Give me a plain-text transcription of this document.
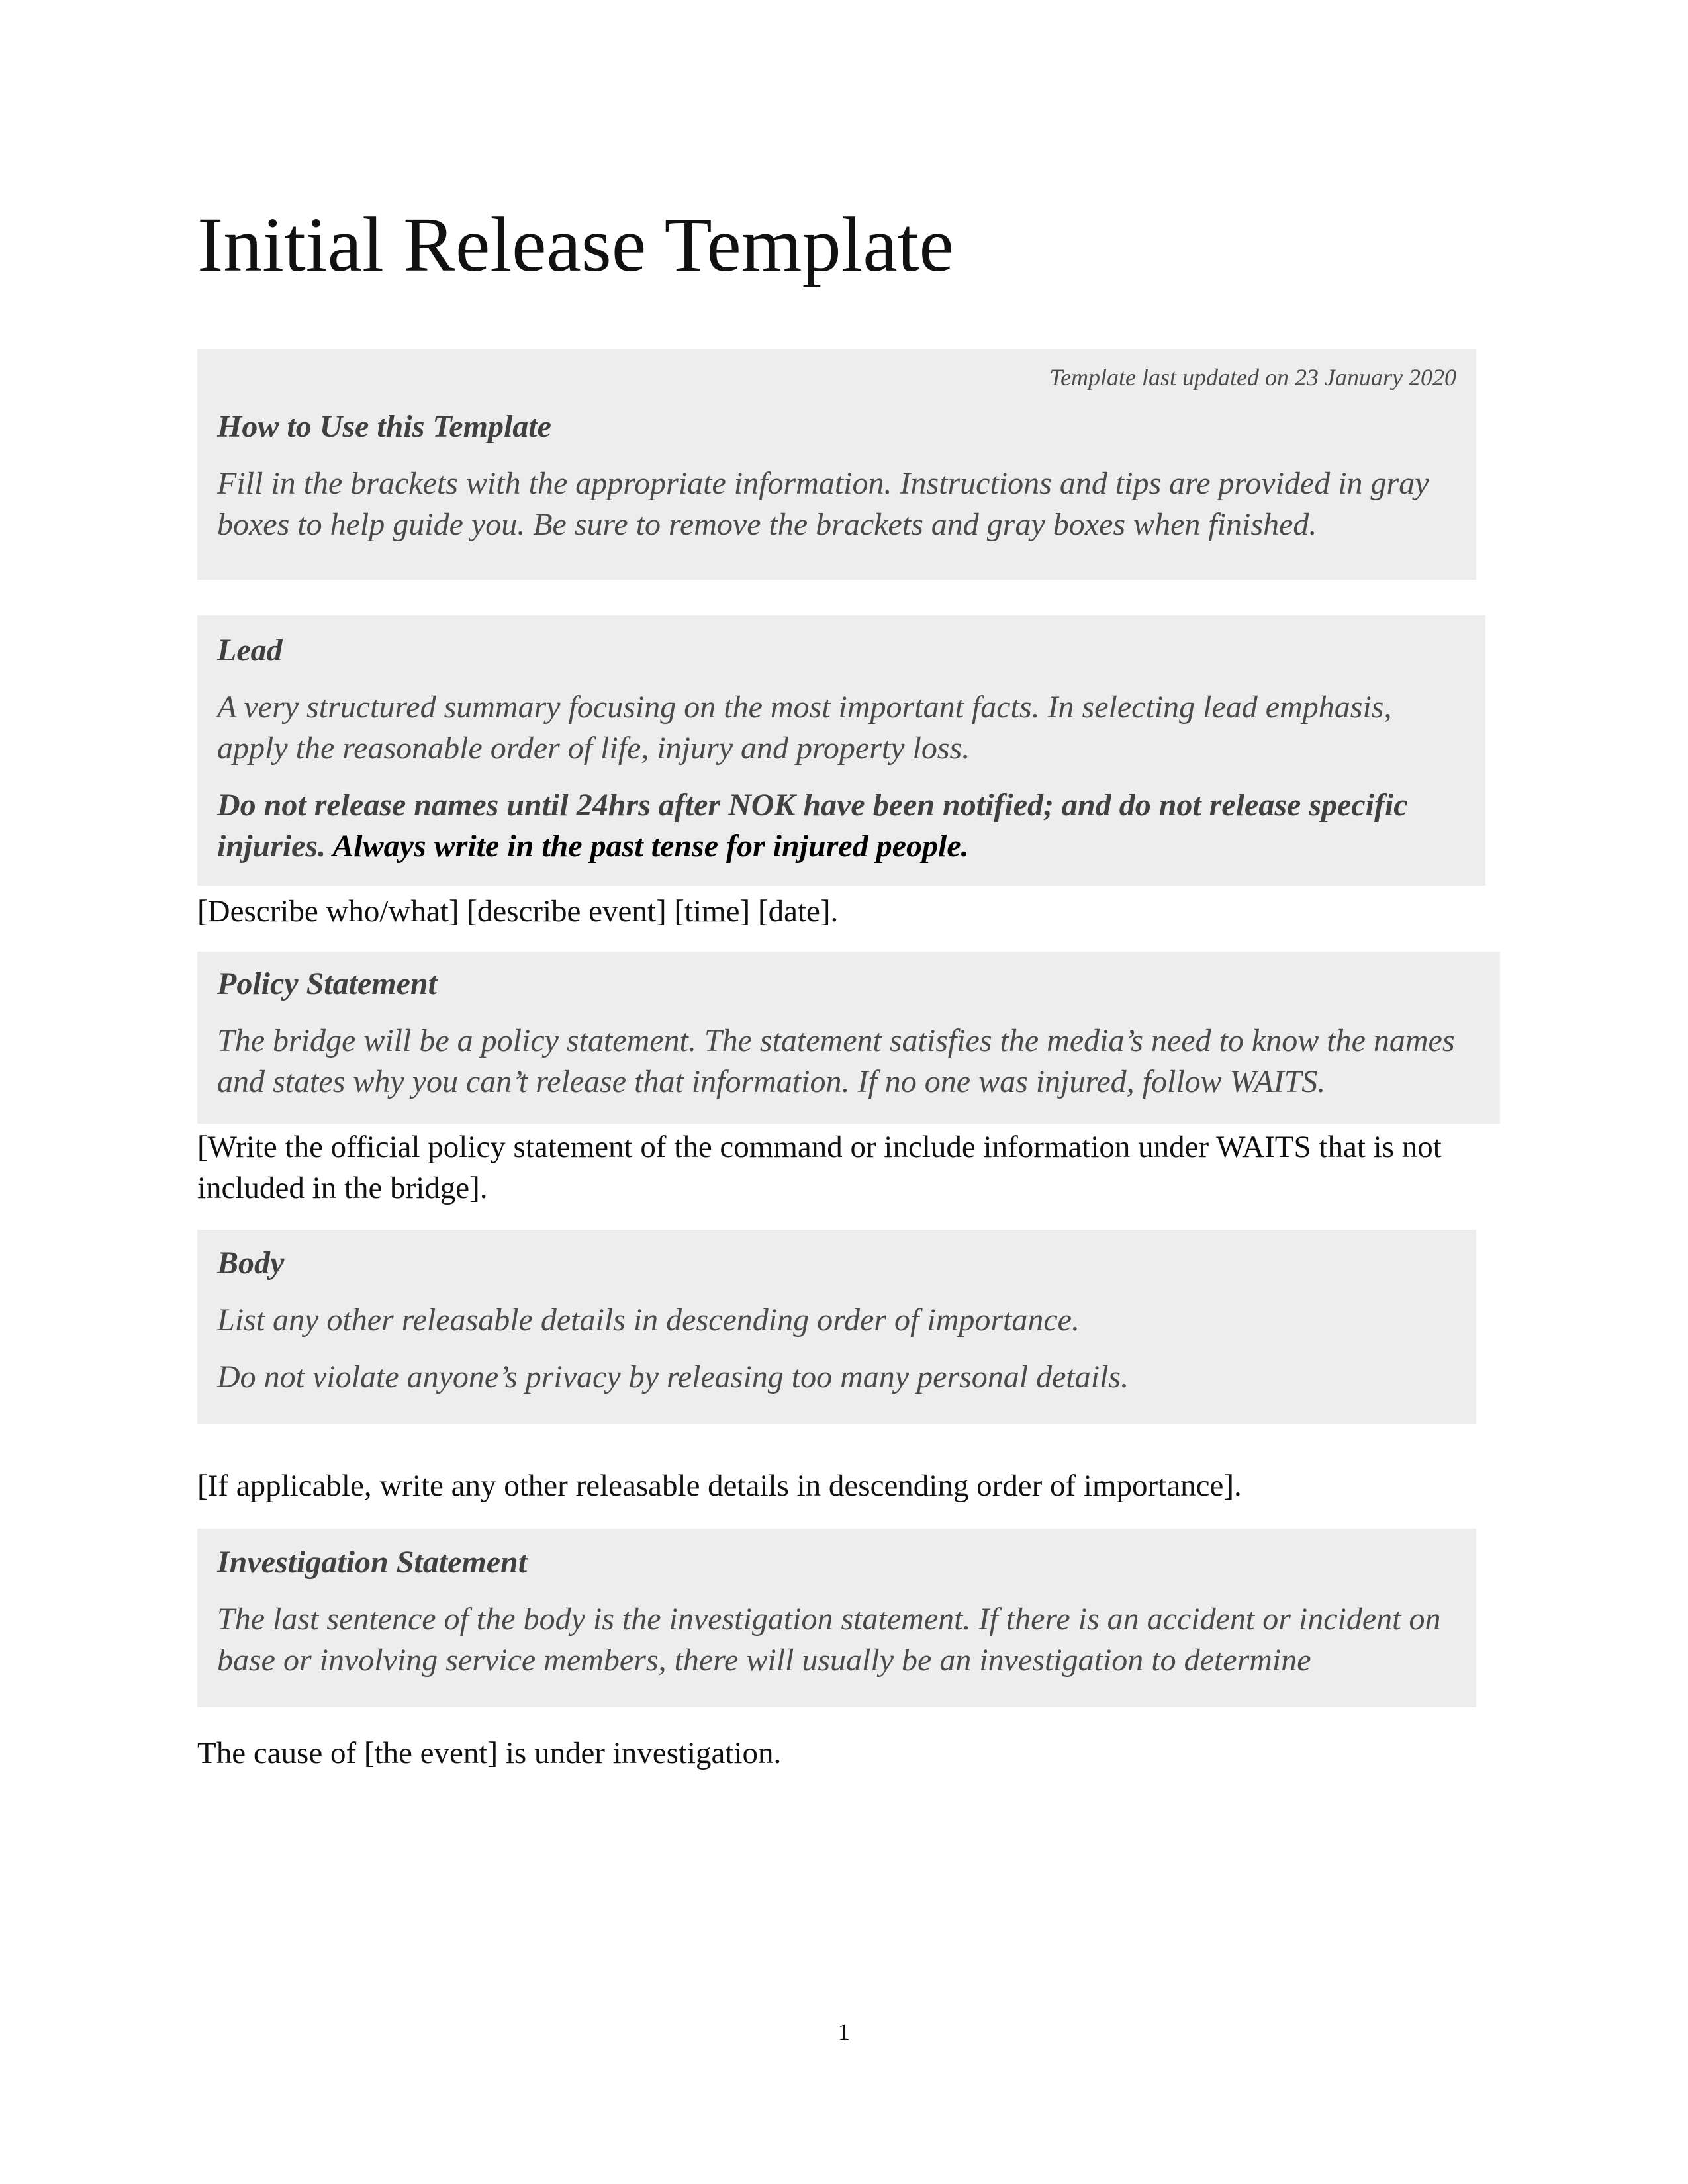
Initial Release Template

Template last updated on 23 January 2020

How to Use this Template

Fill in the brackets with the appropriate information. Instructions and tips are provided in gray boxes to help guide you. Be sure to remove the brackets and gray boxes when finished.

Lead

A very structured summary focusing on the most important facts. In selecting lead emphasis, apply the reasonable order of life, injury and property loss.

Do not release names until 24hrs after NOK have been notified; and do not release specific injuries. Always write in the past tense for injured people.

[Describe who/what] [describe event] [time] [date].

Policy Statement

The bridge will be a policy statement. The statement satisfies the media’s need to know the names and states why you can’t release that information. If no one was injured, follow WAITS.

[Write the official policy statement of the command or include information under WAITS that is not included in the bridge].

Body

List any other releasable details in descending order of importance.

Do not violate anyone’s privacy by releasing too many personal details.

[If applicable, write any other releasable details in descending order of importance].

Investigation Statement

The last sentence of the body is the investigation statement. If there is an accident or incident on base or involving service members, there will usually be an investigation to determine

The cause of [the event] is under investigation.

1
